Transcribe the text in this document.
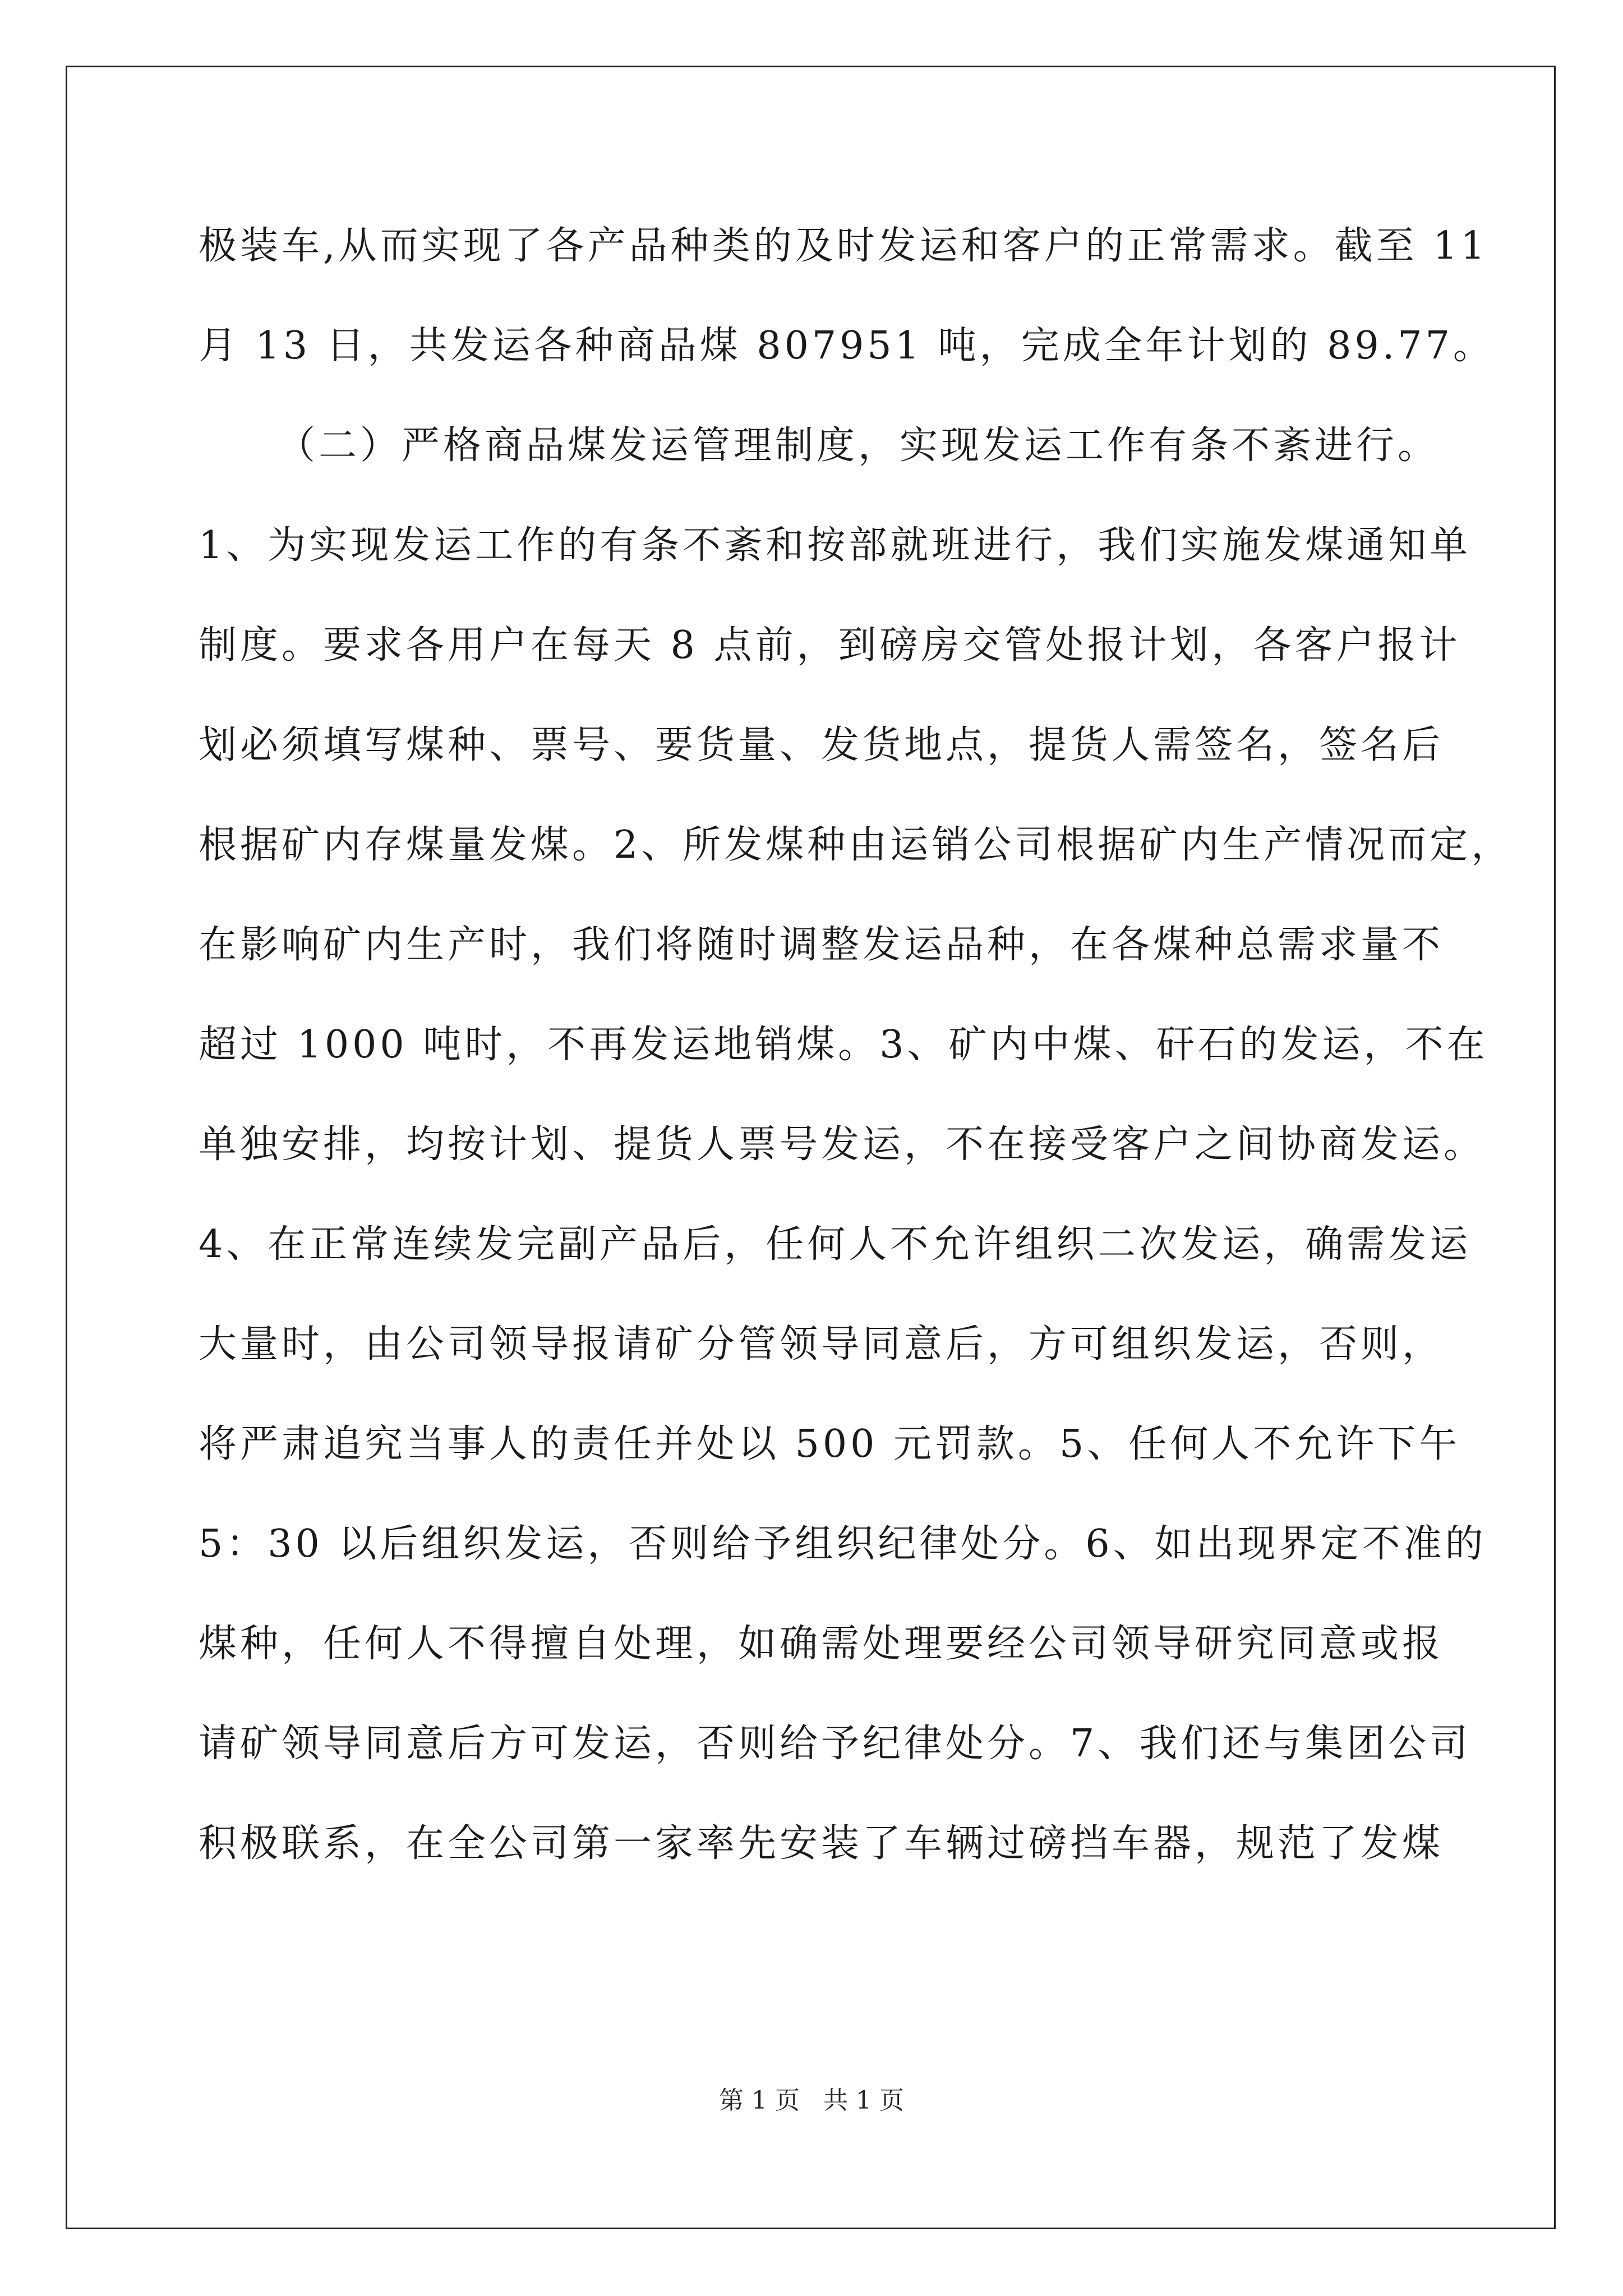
极装车,从而实现了各产品种类的及时发运和客户的正常需求。截至 11
月 13 日，共发运各种商品煤 807951 吨，完成全年计划的 89.77。
（二）严格商品煤发运管理制度，实现发运工作有条不紊进行。
1、为实现发运工作的有条不紊和按部就班进行，我们实施发煤通知单
制度。要求各用户在每天 8 点前，到磅房交管处报计划，各客户报计
划必须填写煤种、票号、要货量、发货地点，提货人需签名，签名后
根据矿内存煤量发煤。2、所发煤种由运销公司根据矿内生产情况而定，
在影响矿内生产时，我们将随时调整发运品种，在各煤种总需求量不
超过 1000 吨时，不再发运地销煤。3、矿内中煤、矸石的发运，不在
单独安排，均按计划、提货人票号发运，不在接受客户之间协商发运。
4、在正常连续发完副产品后，任何人不允许组织二次发运，确需发运
大量时，由公司领导报请矿分管领导同意后，方可组织发运，否则，
将严肃追究当事人的责任并处以 500 元罚款。5、任何人不允许下午
5：30 以后组织发运，否则给予组织纪律处分。6、如出现界定不准的
煤种，任何人不得擅自处理，如确需处理要经公司领导研究同意或报
请矿领导同意后方可发运，否则给予纪律处分。7、我们还与集团公司
积极联系，在全公司第一家率先安装了车辆过磅挡车器，规范了发煤
第 1 页   共 1 页
